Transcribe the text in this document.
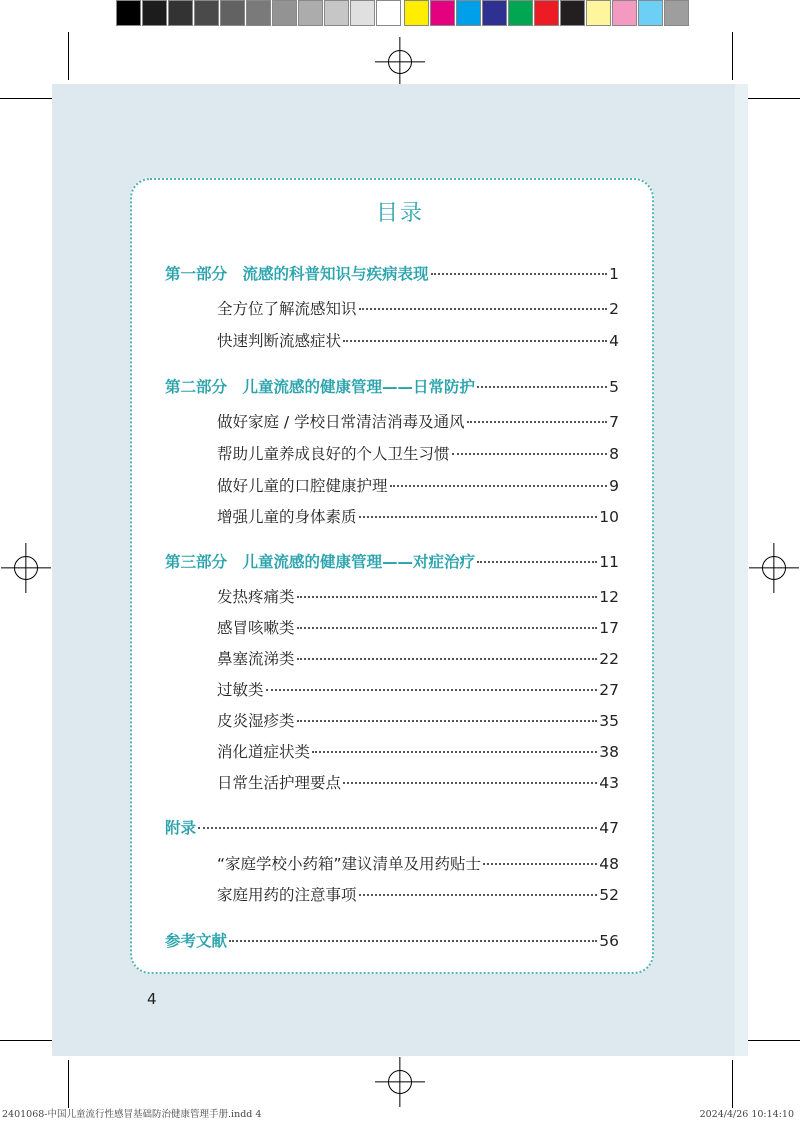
目录
第一部分　流感的科普知识与疾病表现	1
全方位了解流感知识	2
快速判断流感症状	4
第二部分　儿童流感的健康管理——日常防护	5
做好家庭 / 学校日常清洁消毒及通风	7
帮助儿童养成良好的个人卫生习惯	8
做好儿童的口腔健康护理	9
增强儿童的身体素质	10
第三部分　儿童流感的健康管理——对症治疗	11
发热疼痛类	12
感冒咳嗽类	17
鼻塞流涕类	22
过敏类	27
皮炎湿疹类	35
消化道症状类	38
日常生活护理要点	43
附录	47
“家庭学校小药箱”建议清单及用药贴士	48
家庭用药的注意事项	52
参考文献	56
4
2401068-中国儿童流行性感冒基础防治健康管理手册.indd 4	2024/4/26 10:14:10
